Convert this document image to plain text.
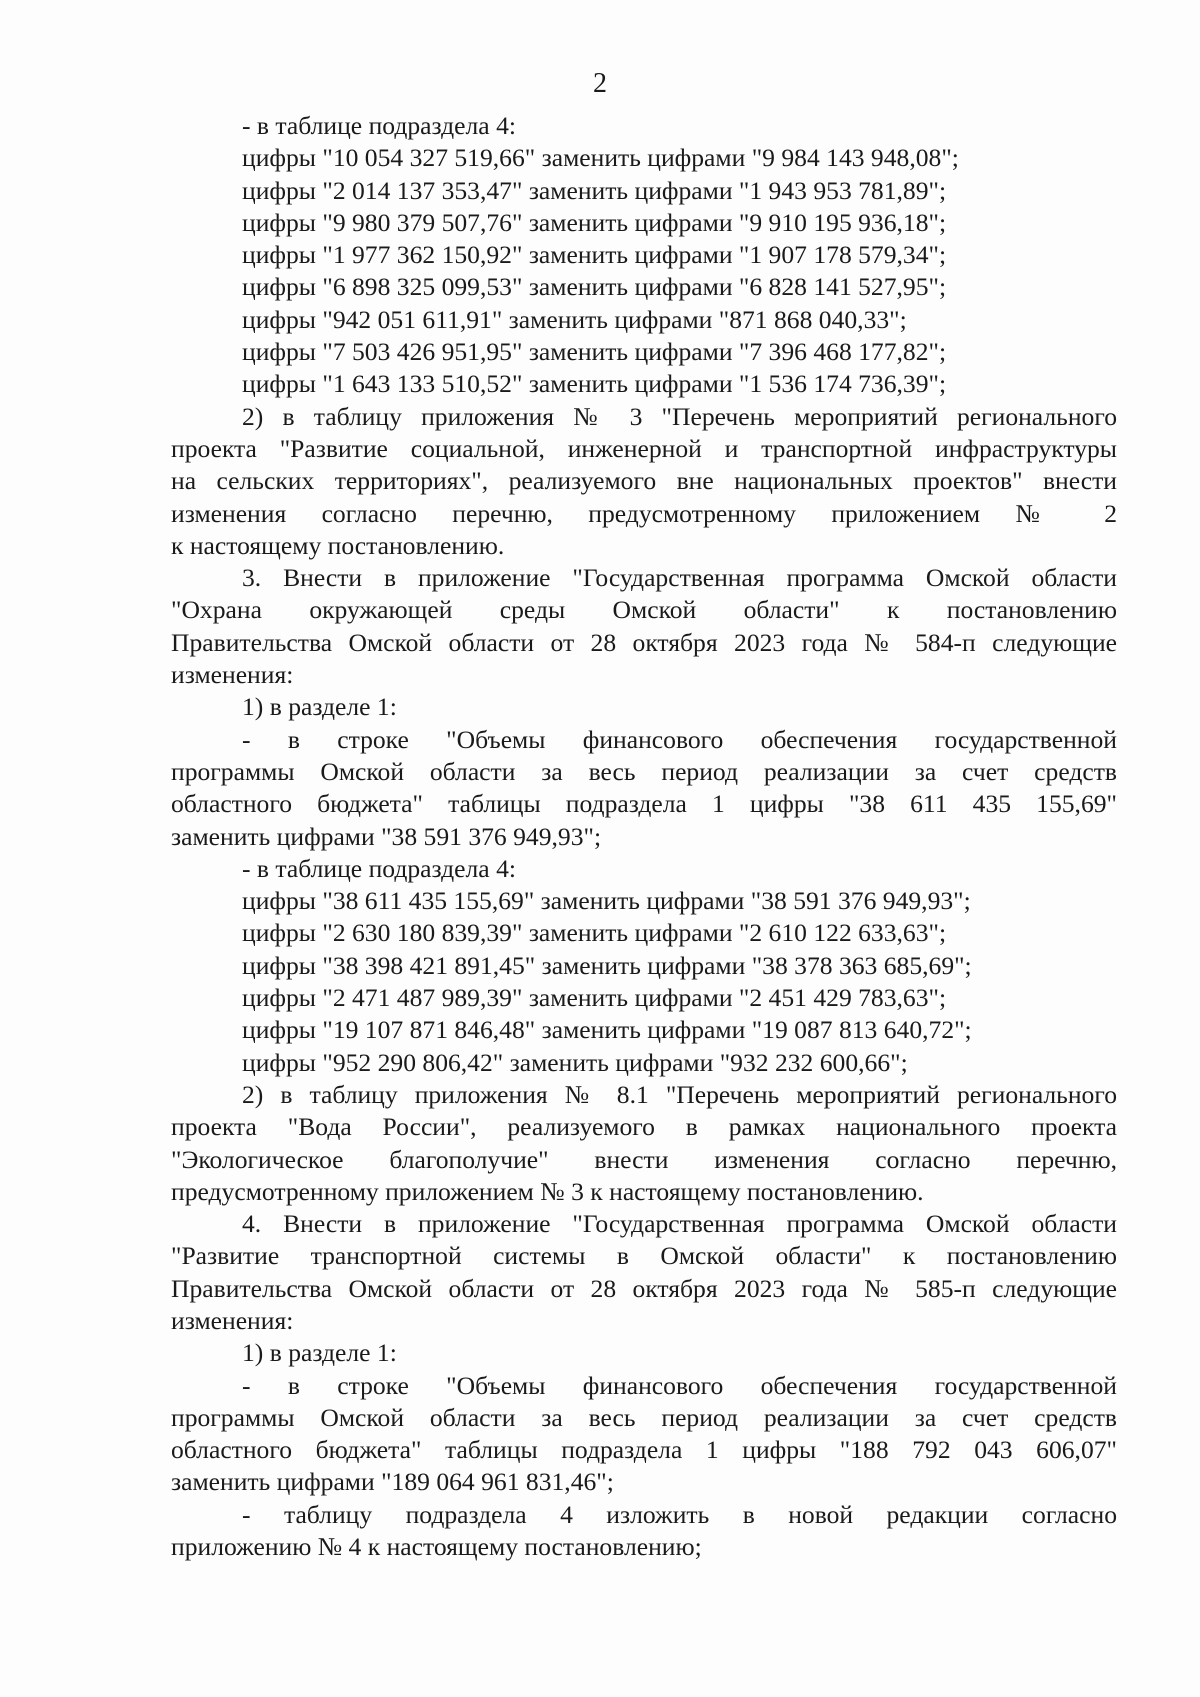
2
- в таблице подраздела 4:
цифры "10 054 327 519,66" заменить цифрами "9 984 143 948,08";
цифры "2 014 137 353,47" заменить цифрами "1 943 953 781,89";
цифры "9 980 379 507,76" заменить цифрами "9 910 195 936,18";
цифры "1 977 362 150,92" заменить цифрами "1 907 178 579,34";
цифры "6 898 325 099,53" заменить цифрами "6 828 141 527,95";
цифры "942 051 611,91" заменить цифрами "871 868 040,33";
цифры "7 503 426 951,95" заменить цифрами "7 396 468 177,82";
цифры "1 643 133 510,52" заменить цифрами "1 536 174 736,39";
2) в таблицу приложения № 3 "Перечень мероприятий регионального
проекта "Развитие социальной, инженерной и транспортной инфраструктуры
на сельских территориях", реализуемого вне национальных проектов" внести
изменения согласно перечню, предусмотренному приложением № 2
к настоящему постановлению.
3. Внести в приложение "Государственная программа Омской области
"Охрана окружающей среды Омской области" к постановлению
Правительства Омской области от 28 октября 2023 года № 584-п следующие
изменения:
1) в разделе 1:
- в строке "Объемы финансового обеспечения государственной
программы Омской области за весь период реализации за счет средств
областного бюджета" таблицы подраздела 1 цифры "38 611 435 155,69"
заменить цифрами "38 591 376 949,93";
- в таблице подраздела 4:
цифры "38 611 435 155,69" заменить цифрами "38 591 376 949,93";
цифры "2 630 180 839,39" заменить цифрами "2 610 122 633,63";
цифры "38 398 421 891,45" заменить цифрами "38 378 363 685,69";
цифры "2 471 487 989,39" заменить цифрами "2 451 429 783,63";
цифры "19 107 871 846,48" заменить цифрами "19 087 813 640,72";
цифры "952 290 806,42" заменить цифрами "932 232 600,66";
2) в таблицу приложения № 8.1 "Перечень мероприятий регионального
проекта "Вода России", реализуемого в рамках национального проекта
"Экологическое благополучие" внести изменения согласно перечню,
предусмотренному приложением № 3 к настоящему постановлению.
4. Внести в приложение "Государственная программа Омской области
"Развитие транспортной системы в Омской области" к постановлению
Правительства Омской области от 28 октября 2023 года № 585-п следующие
изменения:
1) в разделе 1:
- в строке "Объемы финансового обеспечения государственной
программы Омской области за весь период реализации за счет средств
областного бюджета" таблицы подраздела 1 цифры "188 792 043 606,07"
заменить цифрами "189 064 961 831,46";
- таблицу подраздела 4 изложить в новой редакции согласно
приложению № 4 к настоящему постановлению;
